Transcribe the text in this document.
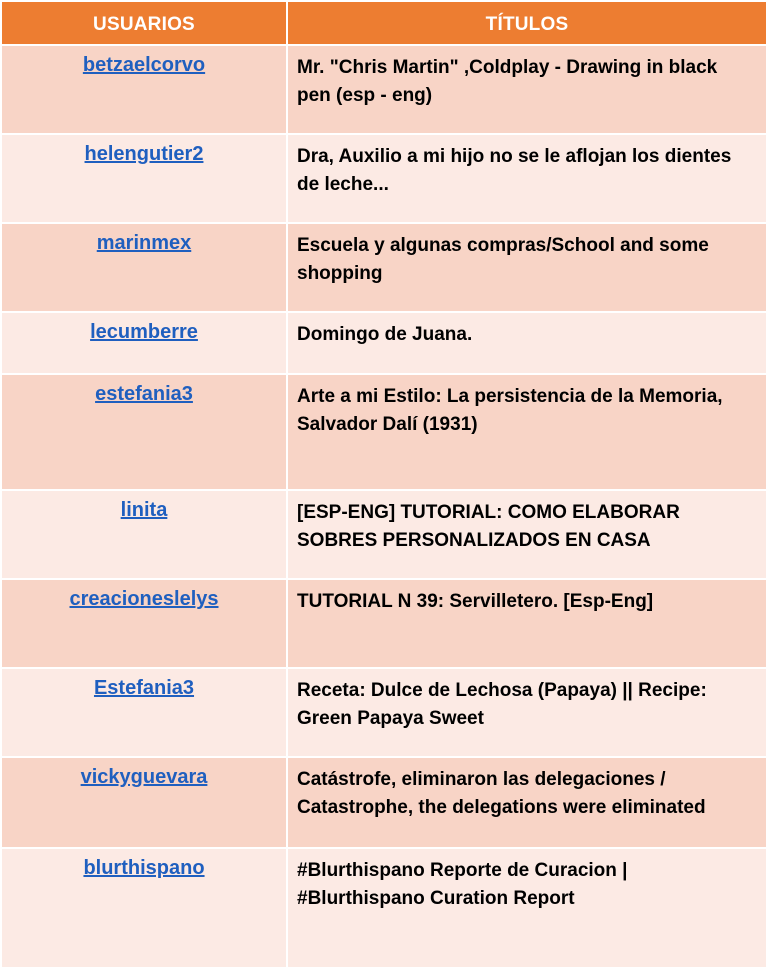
USUARIOS	TÍTULOS
betzaelcorvo	Mr. "Chris Martin" ,Coldplay - Drawing in black pen (esp - eng)
helengutier2	Dra, Auxilio a mi hijo no se le aflojan los dientes de leche...
marinmex	Escuela y algunas compras/School and some shopping
lecumberre	Domingo de Juana.
estefania3	Arte a mi Estilo: La persistencia de la Memoria, Salvador Dalí (1931)
linita	[ESP-ENG] TUTORIAL: COMO ELABORAR SOBRES PERSONALIZADOS EN CASA
creacioneslelys	TUTORIAL N 39: Servilletero. [Esp-Eng]
Estefania3	Receta: Dulce de Lechosa (Papaya) || Recipe: Green Papaya Sweet
vickyguevara	Catástrofe, eliminaron las delegaciones / Catastrophe, the delegations were eliminated
blurthispano	#Blurthispano Reporte de Curacion | #Blurthispano Curation Report
